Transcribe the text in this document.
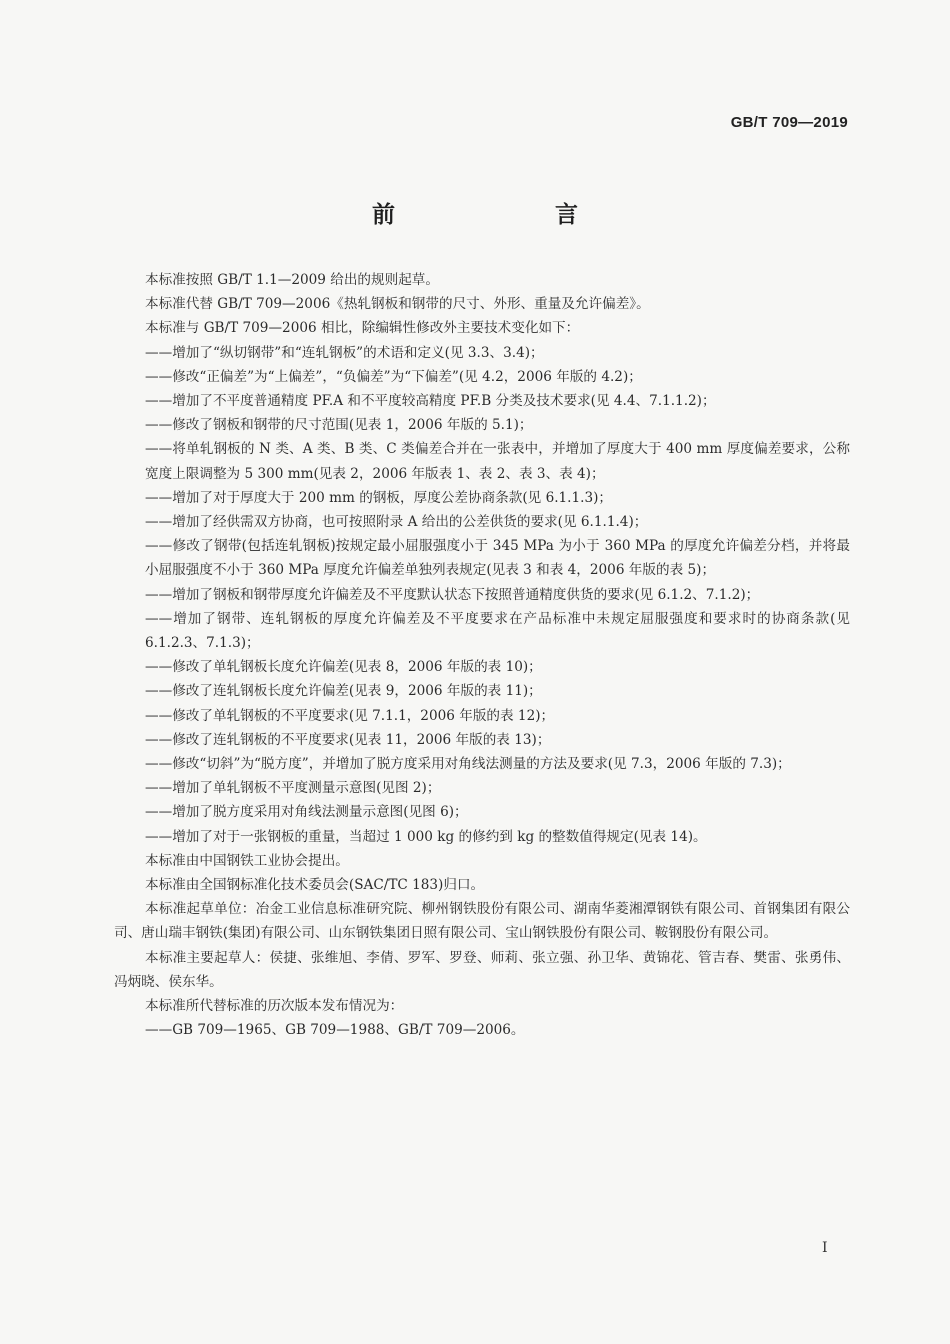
GB/T 709—2019
前　　言

本标准按照 GB/T 1.1—2009 给出的规则起草。

本标准代替 GB/T 709—2006《热轧钢板和钢带的尺寸、外形、重量及允许偏差》。

本标准与 GB/T 709—2006 相比，除编辑性修改外主要技术变化如下：

——增加了“纵切钢带”和“连轧钢板”的术语和定义(见 3.3、3.4)；

——修改“正偏差”为“上偏差”，“负偏差”为“下偏差”(见 4.2，2006 年版的 4.2)；

——增加了不平度普通精度 PF.A 和不平度较高精度 PF.B 分类及技术要求(见 4.4、7.1.1.2)；

——修改了钢板和钢带的尺寸范围(见表 1，2006 年版的 5.1)；

——将单轧钢板的 N 类、A 类、B 类、C 类偏差合并在一张表中，并增加了厚度大于 400 mm 厚度偏差要求，公称宽度上限调整为 5 300 mm(见表 2，2006 年版表 1、表 2、表 3、表 4)；

——增加了对于厚度大于 200 mm 的钢板，厚度公差协商条款(见 6.1.1.3)；

——增加了经供需双方协商，也可按照附录 A 给出的公差供货的要求(见 6.1.1.4)；

——修改了钢带(包括连轧钢板)按规定最小屈服强度小于 345 MPa 为小于 360 MPa 的厚度允许偏差分档，并将最小屈服强度不小于 360 MPa 厚度允许偏差单独列表规定(见表 3 和表 4，2006 年版的表 5)；

——增加了钢板和钢带厚度允许偏差及不平度默认状态下按照普通精度供货的要求(见 6.1.2、7.1.2)；

——增加了钢带、连轧钢板的厚度允许偏差及不平度要求在产品标准中未规定屈服强度和要求时的协商条款(见 6.1.2.3、7.1.3)；

——修改了单轧钢板长度允许偏差(见表 8，2006 年版的表 10)；

——修改了连轧钢板长度允许偏差(见表 9，2006 年版的表 11)；

——修改了单轧钢板的不平度要求(见 7.1.1，2006 年版的表 12)；

——修改了连轧钢板的不平度要求(见表 11，2006 年版的表 13)；

——修改“切斜”为“脱方度”，并增加了脱方度采用对角线法测量的方法及要求(见 7.3，2006 年版的 7.3)；

——增加了单轧钢板不平度测量示意图(见图 2)；

——增加了脱方度采用对角线法测量示意图(见图 6)；

——增加了对于一张钢板的重量，当超过 1 000 kg 的修约到 kg 的整数值得规定(见表 14)。

本标准由中国钢铁工业协会提出。

本标准由全国钢标准化技术委员会(SAC/TC 183)归口。

本标准起草单位：冶金工业信息标准研究院、柳州钢铁股份有限公司、湖南华菱湘潭钢铁有限公司、首钢集团有限公司、唐山瑞丰钢铁(集团)有限公司、山东钢铁集团日照有限公司、宝山钢铁股份有限公司、鞍钢股份有限公司。

本标准主要起草人：侯捷、张维旭、李倩、罗军、罗登、师莉、张立强、孙卫华、黄锦花、管吉春、樊雷、张勇伟、冯炳晓、侯东华。

本标准所代替标准的历次版本发布情况为：

——GB 709—1965、GB 709—1988、GB/T 709—2006。

I
